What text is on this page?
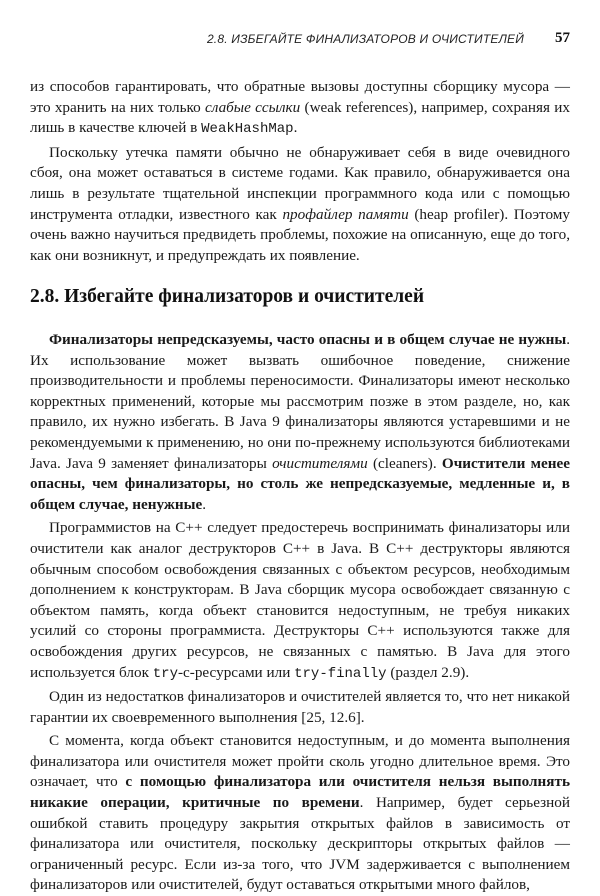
2.8. ИЗБЕГАЙТЕ ФИНАЛИЗАТОРОВ И ОЧИСТИТЕЛЕЙ 57

из способов гарантировать, что обратные вызовы доступны сборщику мусора — это хранить на них только слабые ссылки (weak references), например, сохраняя их лишь в качестве ключей в WeakHashMap.

Поскольку утечка памяти обычно не обнаруживает себя в виде очевидного сбоя, она может оставаться в системе годами. Как правило, обнаруживается она лишь в результате тщательной инспекции программного кода или с помощью инструмента отладки, известного как профайлер памяти (heap profiler). Поэтому очень важно научиться предвидеть проблемы, похожие на описанную, еще до того, как они возникнут, и предупреждать их появление.

2.8. Избегайте финализаторов и очистителей

Финализаторы непредсказуемы, часто опасны и в общем случае не нужны. Их использование может вызвать ошибочное поведение, снижение производительности и проблемы переносимости. Финализаторы имеют несколько корректных применений, которые мы рассмотрим позже в этом разделе, но, как правило, их нужно избегать. В Java 9 финализаторы являются устаревшими и не рекомендуемыми к применению, но они по-прежнему используются библиотеками Java. Java 9 заменяет финализаторы очистителями (cleaners). Очистители менее опасны, чем финализаторы, но столь же непредсказуемые, медленные и, в общем случае, ненужные.

Программистов на C++ следует предостеречь воспринимать финализаторы или очистители как аналог деструкторов C++ в Java. В C++ деструкторы являются обычным способом освобождения связанных с объектом ресурсов, необходимым дополнением к конструкторам. В Java сборщик мусора освобождает связанную с объектом память, когда объект становится недоступным, не требуя никаких усилий со стороны программиста. Деструкторы C++ используются также для освобождения других ресурсов, не связанных с памятью. В Java для этого используется блок try-с-ресурсами или try-finally (раздел 2.9).

Один из недостатков финализаторов и очистителей является то, что нет никакой гарантии их своевременного выполнения [25, 12.6].

С момента, когда объект становится недоступным, и до момента выполнения финализатора или очистителя может пройти сколь угодно длительное время. Это означает, что с помощью финализатора или очистителя нельзя выполнять никакие операции, критичные по времени. Например, будет серьезной ошибкой ставить процедуру закрытия открытых файлов в зависимость от финализатора или очистителя, поскольку дескрипторы открытых файлов — ограниченный ресурс. Если из-за того, что JVM задерживается с выполнением финализаторов или очистителей, будут оставаться открытыми много файлов,
